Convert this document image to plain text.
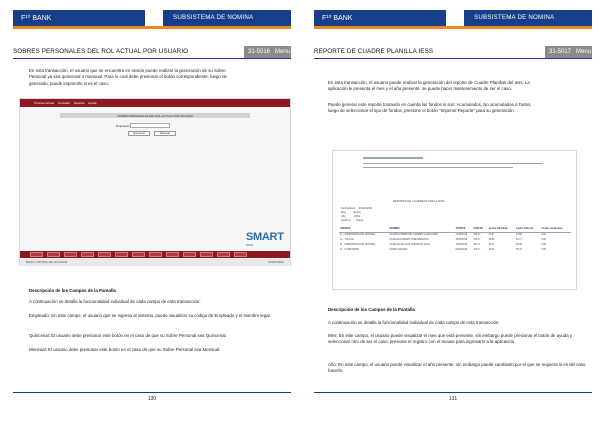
F¹⁰ BANK	SUBSISTEMA DE NOMINA
SOBRES PERSONALES DEL ROL ACTUAL POR USUARIO	31-5016 Menu
En esta transacción, el usuario que se encuentra en sesión puede realizar la generación de su Sobre
Personal ya sea quincenal o mensual. Para lo cual debe presionar el botón correspondiente, luego de
generado, puede imprimirlo si es el caso.
Proceso Actual Consulta Reporte Ayuda
SOBRES PERSONALES DEL ROL ACTUAL POR USUARIO
Empleado
Quincenal	Mensual
SMART
BANK
BANCO CENTRAL DEL ECUADOR	FINANCIERA
Descripción de los Campos de la Pantalla
A continuación se detalla la funcionalidad individual de cada campo de esta transacción:
Empleado: En este campo, el usuario que se ingresa al sistema, puede visualizar su código de Empleado y el Nombre legal.
Quincenal: El usuario debe presionar este botón en el caso de que su Sobre Personal sea Quincenal.
Mensual: El usuario debe presionar este botón en el caso de que su Sobre Personal sea Mensual.
130
F¹⁰ BANK	SUBSISTEMA DE NOMINA
REPORTE DE CUADRE PLANILLA IESS	31-5017 Menu
En esta transacción, el usuario puede realizar la generación del reporte de Cuadre Planillas del Iess. La
aplicación le presenta el mes y el año presente, se puede hacer mantenimiento de ser el caso.
Puede generar este reporte tomando en cuenta los fondos si son: Acumulados, No acumulados ó Todos,
luego de seleccionar el tipo de fondos, presione el botón "Imprimir Reporte" para su generación.
REPORTE DE CUADRE PLANILLA IESS
Fecha/Hora 2019/12/31
Mes	Enero
Año	2019
Fondos Todos
AGENCIA	NOMBRE	APORTE	SUELDO	Aporte Individual	Aporte Patronal	Fondos de Reserva
11 - ADMINISTRACION CENTRAL	ACOSTA ZAMBRANO CARMEN GUADALUPE	17/05/2019	465.17	43.97	73.65	0.00
11 - TULCAN	AGUILAR ROSERO JOSE ERNESTO	25/03/2018	514.17	48.58	81.17	0.00
11 - ADMINISTRACION CENTRAL	AGUILAR VILLACIS CHRISTIAN SAUL	11/06/2019	541.17	51.14	85.28	0.00
11 - CONDORATO	ALBAN GRANDA	02/04/2018	415.17	39.23	65.47	0.00
Descripción de los Campos de la Pantalla
A continuación se detalla la funcionalidad individual de cada campo de esta transacción:
Mes: En este campo, el usuario puede visualizar el mes que está presente, sin embargo puede presionar el botón de ayuda y seleccionar otro de ser el caso, presione el registro con el mouse para ingresarlo a la aplicación.
Año: En este campo, el usuario puede visualizar el año presente, sin embargo puede cambiarlo por el que se requiera si es del caso hacerlo.
131
